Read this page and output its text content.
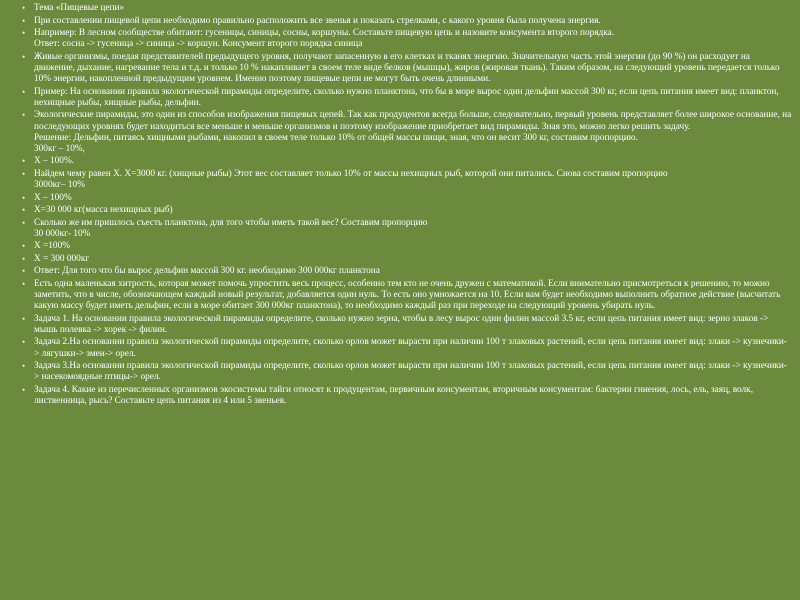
• Тема «Пищевые цепи»
• При составлении пищевой цепи необходимо правильно расположить все звенья и показать стрелками, с какого уровня была получена энергия.
• Например: В лесном сообществе обитают: гусеницы, синицы, сосны, коршуны. Составьте пищевую цепь и назовите консумента второго порядка.
Ответ: сосна -> гусеница -> синица -> коршун. Консумент второго порядка синица
• Живые организмы, поедая представителей предыдущего уровня, получают запасенную в его клетках и тканях энергию. Значительную часть этой энергии (до 90 %) он расходует на движение, дыхание, нагревание тела и т.д. и только 10 % накапливает в своем теле виде белков (мышцы), жиров (жировая ткань). Таким образом, на следующий уровень передается только 10% энергии, накопленной предыдущим уровнем. Именно поэтому пищевые цепи не могут быть очень длинными.
• Пример: На основании правила экологической пирамиды определите, сколько нужно планктона, что бы в море вырос один дельфин массой 300 кг, если цепь питания имеет вид: планктон, нехищные рыбы, хищные рыбы, дельфин.
• Экологические пирамиды, это один из способов изображения пищевых цепей. Так как продуцентов всегда больше, следовательно, первый уровень представляет более широкое основание, на последующих уровнях будет находиться все меньше и меньше организмов и поэтому изображение приобретает вид пирамиды. Зная это, можно легко решить задачу.
Решение: Дельфин, питаясь хищными рыбами, накопил в своем теле только 10% от общей массы пищи, зная, что он весит 300 кг, составим пропорцию.
300кг – 10%,
• Х – 100%.
• Найдем чему равен Х. Х=3000 кг. (хищные рыбы) Этот вес составляет только 10% от массы нехищных рыб, которой они питались. Снова составим пропорцию
3000кг– 10%
• Х – 100%
• Х=30 000 кг(масса нехищных рыб)
• Сколько же им пришлось съесть планктона, для того чтобы иметь такой вес? Составим пропорцию
30 000кг- 10%
• Х =100%
• Х = 300 000кг
• Ответ: Для того что бы вырос дельфин массой 300 кг. необходимо 300 000кг планктона
• Есть одна маленькая хитрость, которая может помочь упростить весь процесс, особенно тем кто не очень дружен с математикой. Если внимательно присмотреться к решению, то можно заметить, что в числе, обозначающем каждый новый результат, добавляется один нуль. То есть оно умножается на 10. Если вам будет необходимо выполнить обратное действие (высчитать какую массу будет иметь дельфин, если в море обитает 300 000кг планктона), то необходимо каждый раз при переходе на следующий уровень убирать нуль.
• Задача 1. На основании правила экологической пирамиды определите, сколько нужно зерна, чтобы в лесу вырос один филин массой 3.5 кг, если цепь питания имеет вид: зерно злаков -> мышь полевка -> хорек -> филин.
• Задача 2.На основании правила экологической пирамиды определите, сколько орлов может вырасти при наличии 100 т злаковых растений, если цепь питания имеет вид: злаки -> кузнечики-> лягушки-> змеи-> орел.
• Задача 3.На основании правила экологической пирамиды определите, сколько орлов может вырасти при наличии 100 т злаковых растений, если цепь питания имеет вид: злаки -> кузнечики-> насекомоядные птицы-> орел.
• Задача 4. Какие из перечисленных организмов экосистемы тайги относят к продуцентам, первичным консументам, вторичным консументам: бактерии гниения, лось, ель, заяц, волк, лиственница, рысь? Составьте цепь питания из 4 или 5 звеньев.
